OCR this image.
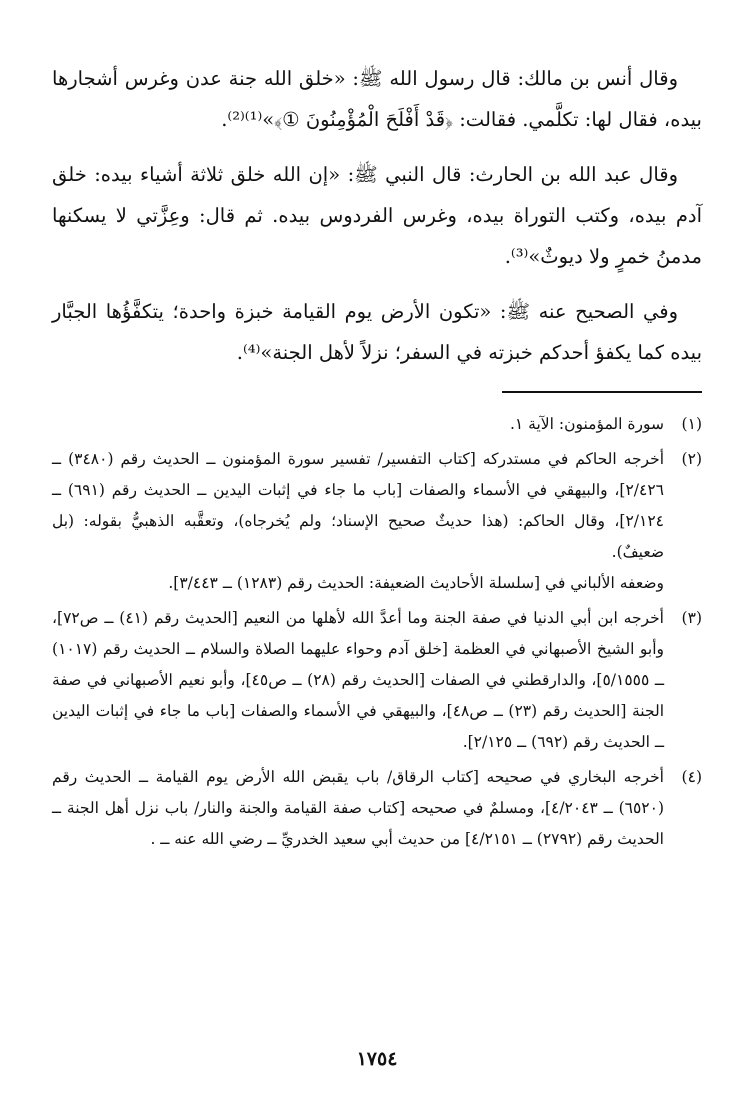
وقال أنس بن مالك: قال رسول الله ﷺ: «خلق الله جنة عدن وغرس أشجارها بيده، فقال لها: تكلَّمي. فقالت: ﴿قَدْ أَفْلَحَ الْمُؤْمِنُونَ ①﴾»⁽¹⁾⁽²⁾.

وقال عبد الله بن الحارث: قال النبي ﷺ: «إن الله خلق ثلاثة أشياء بيده: خلق آدم بيده، وكتب التوراة بيده، وغرس الفردوس بيده. ثم قال: وعِزَّتي لا يسكنها مدمنُ خمرٍ ولا ديوثٌ»⁽³⁾.

وفي الصحيح عنه ﷺ: «تكون الأرض يوم القيامة خبزة واحدة؛ يتكفَّؤُها الجبَّار بيده كما يكفؤ أحدكم خبزته في السفر؛ نزلاً لأهل الجنة»⁽⁴⁾.

(١)
سورة المؤمنون: الآية ١.
(٢)
أخرجه الحاكم في مستدركه [كتاب التفسير/ تفسير سورة المؤمنون ــ الحديث رقم (٣٤٨٠) ــ ٢/٤٢٦]، والبيهقي في الأسماء والصفات [باب ما جاء في إثبات اليدين ــ الحديث رقم (٦٩١) ــ ٢/١٢٤]، وقال الحاكم: (هذا حديثٌ صحيح الإسناد؛ ولم يُخرجاه)، وتعقَّبه الذهبيُّ بقوله: (بل ضعيفٌ).
وضعفه الألباني في [سلسلة الأحاديث الضعيفة: الحديث رقم (١٢٨٣) ــ ٣/٤٤٣].
(٣)
أخرجه ابن أبي الدنيا في صفة الجنة وما أعدَّ الله لأهلها من النعيم [الحديث رقم (٤١) ــ ص٧٢]، وأبو الشيخ الأصبهاني في العظمة [خلق آدم وحواء عليهما الصلاة والسلام ــ الحديث رقم (١٠١٧) ــ ٥/١٥٥٥]، والدارقطني في الصفات [الحديث رقم (٢٨) ــ ص٤٥]، وأبو نعيم الأصبهاني في صفة الجنة [الحديث رقم (٢٣) ــ ص٤٨]، والبيهقي في الأسماء والصفات [باب ما جاء في إثبات اليدين ــ الحديث رقم (٦٩٢) ــ ٢/١٢٥].
(٤)
أخرجه البخاري في صحيحه [كتاب الرقاق/ باب يقبض الله الأرض يوم القيامة ــ الحديث رقم (٦٥٢٠) ــ ٤/٢٠٤٣]، ومسلمٌ في صحيحه [كتاب صفة القيامة والجنة والنار/ باب نزل أهل الجنة ــ الحديث رقم (٢٧٩٢) ــ ٤/٢١٥١] من حديث أبي سعيد الخدريِّ ــ رضي الله عنه ــ .
١٧٥٤
